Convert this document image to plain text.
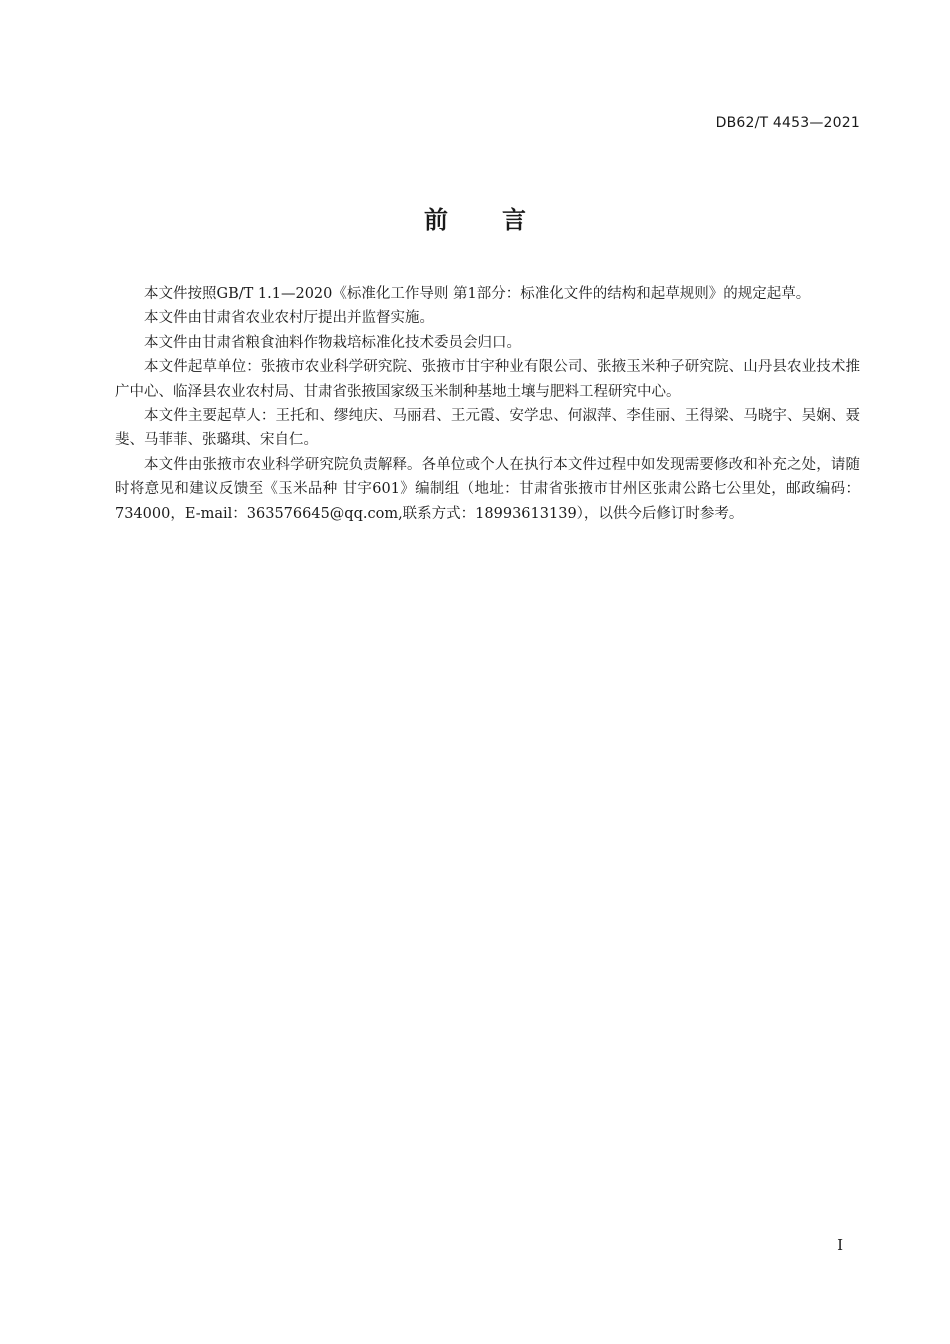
DB62/T 4453—2021
前言

本文件按照GB/T 1.1—2020《标准化工作导则 第1部分：标准化文件的结构和起草规则》的规定起草。

本文件由甘肃省农业农村厅提出并监督实施。

本文件由甘肃省粮食油料作物栽培标准化技术委员会归口。

本文件起草单位：张掖市农业科学研究院、张掖市甘宇种业有限公司、张掖玉米种子研究院、山丹县农业技术推广中心、临泽县农业农村局、甘肃省张掖国家级玉米制种基地土壤与肥料工程研究中心。

本文件主要起草人：王托和、缪纯庆、马丽君、王元霞、安学忠、何淑萍、李佳丽、王得梁、马晓宇、吴娴、聂斐、马菲菲、张璐琪、宋自仁。

本文件由张掖市农业科学研究院负责解释。各单位或个人在执行本文件过程中如发现需要修改和补充之处，请随时将意见和建议反馈至《玉米品种 甘宇601》编制组（地址：甘肃省张掖市甘州区张肃公路七公里处，邮政编码：734000，E-mail：363576645@qq.com,联系方式：18993613139），以供今后修订时参考。

I
